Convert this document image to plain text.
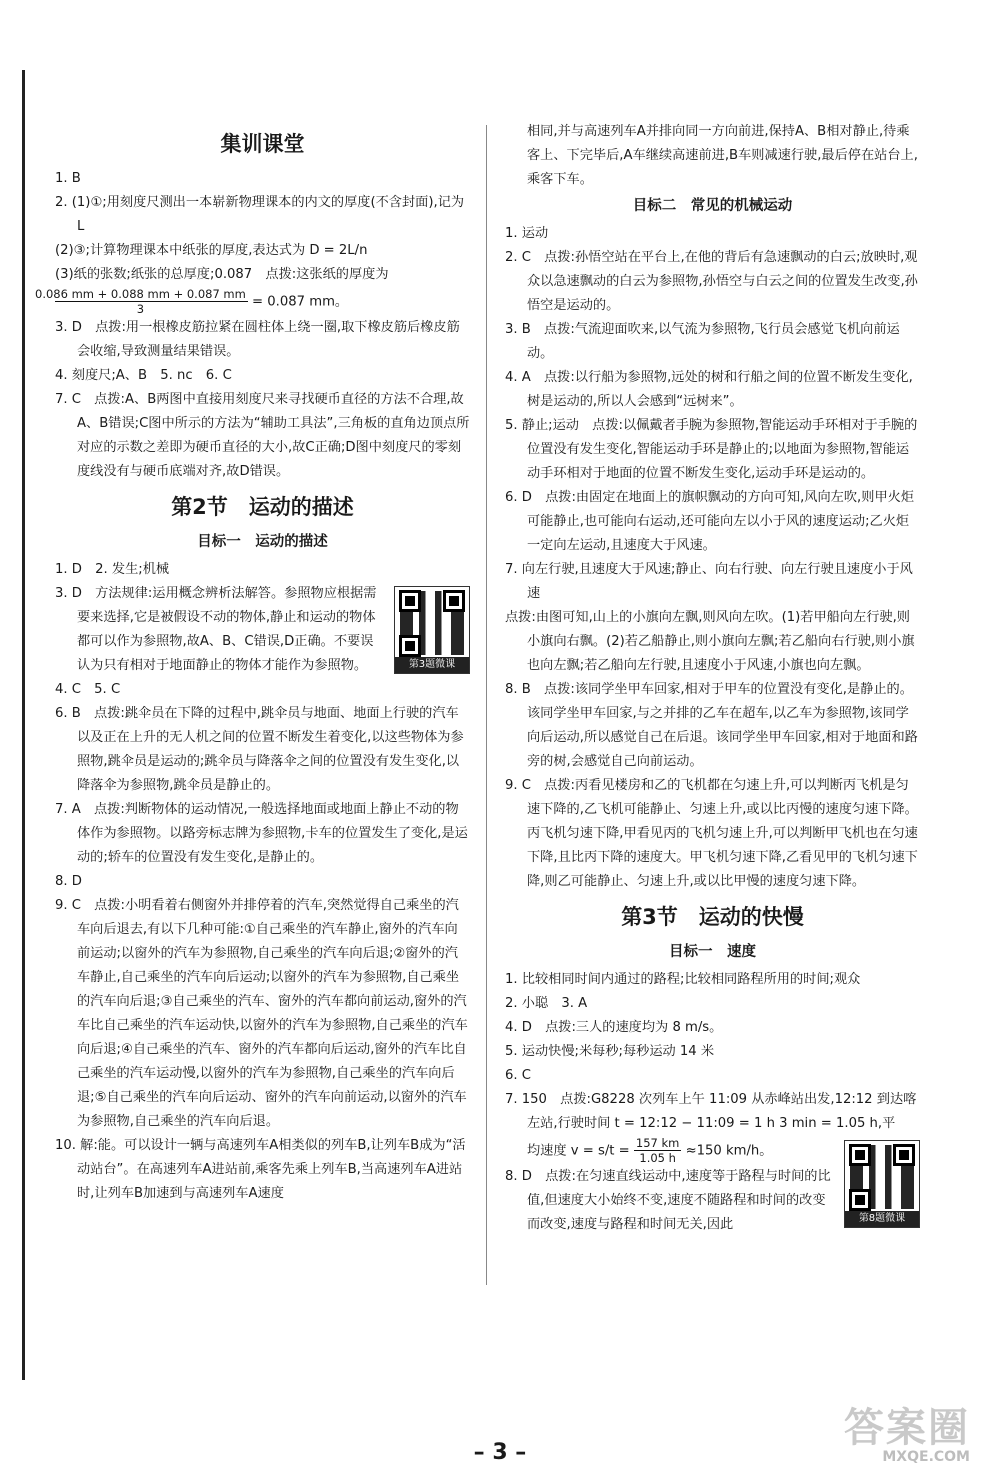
集训课堂

1. B

2. (1)①;用刻度尺测出一本崭新物理课本的内文的厚度(不含封面),记为 L

(2)③;计算物理课本中纸张的厚度,表达式为 D = 2L/n

(3)纸的张数;纸张的总厚度;0.087　点拨:这张纸的厚度为

$\frac{0.086 mm + 0.088 mm + 0.087 mm}{3} = 0.087$ mm。

3. D　点拨:用一根橡皮筋拉紧在圆柱体上绕一圈,取下橡皮筋后橡皮筋会收缩,导致测量结果错误。

4. 刻度尺;A、B　5. nc　6. C

7. C　点拨:A、B两图中直接用刻度尺来寻找硬币直径的方法不合理,故A、B错误;C图中所示的方法为“辅助工具法”,三角板的直角边顶点所对应的示数之差即为硬币直径的大小,故C正确;D图中刻度尺的零刻度线没有与硬币底端对齐,故D错误。

第2节　运动的描述
目标一　运动的描述

1. D　2. 发生;机械

第3题微课

3. D　方法规律:运用概念辨析法解答。参照物应根据需要来选择,它是被假设不动的物体,静止和运动的物体都可以作为参照物,故A、B、C错误,D正确。不要误认为只有相对于地面静止的物体才能作为参照物。

4. C　5. C

6. B　点拨:跳伞员在下降的过程中,跳伞员与地面、地面上行驶的汽车以及正在上升的无人机之间的位置不断发生着变化,以这些物体为参照物,跳伞员是运动的;跳伞员与降落伞之间的位置没有发生变化,以降落伞为参照物,跳伞员是静止的。

7. A　点拨:判断物体的运动情况,一般选择地面或地面上静止不动的物体作为参照物。以路旁标志牌为参照物,卡车的位置发生了变化,是运动的;轿车的位置没有发生变化,是静止的。

8. D

9. C　点拨:小明看着右侧窗外并排停着的汽车,突然觉得自己乘坐的汽车向后退去,有以下几种可能:①自己乘坐的汽车静止,窗外的汽车向前运动;以窗外的汽车为参照物,自己乘坐的汽车向后退;②窗外的汽车静止,自己乘坐的汽车向后运动;以窗外的汽车为参照物,自己乘坐的汽车向后退;③自己乘坐的汽车、窗外的汽车都向前运动,窗外的汽车比自己乘坐的汽车运动快,以窗外的汽车为参照物,自己乘坐的汽车向后退;④自己乘坐的汽车、窗外的汽车都向后运动,窗外的汽车比自己乘坐的汽车运动慢,以窗外的汽车为参照物,自己乘坐的汽车向后退;⑤自己乘坐的汽车向后运动、窗外的汽车向前运动,以窗外的汽车为参照物,自己乘坐的汽车向后退。

10. 解:能。可以设计一辆与高速列车A相类似的列车B,让列车B成为“活动站台”。在高速列车A进站前,乘客先乘上列车B,当高速列车A进站时,让列车B加速到与高速列车A速度

相同,并与高速列车A并排向同一方向前进,保持A、B相对静止,待乘客上、下完毕后,A车继续高速前进,B车则减速行驶,最后停在站台上,乘客下车。

目标二　常见的机械运动

1. 运动

2. C　点拨:孙悟空站在平台上,在他的背后有急速飘动的白云;放映时,观众以急速飘动的白云为参照物,孙悟空与白云之间的位置发生改变,孙悟空是运动的。

3. B　点拨:气流迎面吹来,以气流为参照物,飞行员会感觉飞机向前运动。

4. A　点拨:以行船为参照物,远处的树和行船之间的位置不断发生变化,树是运动的,所以人会感到“远树来”。

5. 静止;运动　点拨:以佩戴者手腕为参照物,智能运动手环相对于手腕的位置没有发生变化,智能运动手环是静止的;以地面为参照物,智能运动手环相对于地面的位置不断发生变化,运动手环是运动的。

6. D　点拨:由固定在地面上的旗帜飘动的方向可知,风向左吹,则甲火炬可能静止,也可能向右运动,还可能向左以小于风的速度运动;乙火炬一定向左运动,且速度大于风速。

7. 向左行驶,且速度大于风速;静止、向右行驶、向左行驶且速度小于风速

点拨:由图可知,山上的小旗向左飘,则风向左吹。(1)若甲船向左行驶,则小旗向右飘。(2)若乙船静止,则小旗向左飘;若乙船向右行驶,则小旗也向左飘;若乙船向左行驶,且速度小于风速,小旗也向左飘。

8. B　点拨:该同学坐甲车回家,相对于甲车的位置没有变化,是静止的。该同学坐甲车回家,与之并排的乙车在超车,以乙车为参照物,该同学向后运动,所以感觉自己在后退。该同学坐甲车回家,相对于地面和路旁的树,会感觉自己向前运动。

9. C　点拨:丙看见楼房和乙的飞机都在匀速上升,可以判断丙飞机是匀速下降的,乙飞机可能静止、匀速上升,或以比丙慢的速度匀速下降。丙飞机匀速下降,甲看见丙的飞机匀速上升,可以判断甲飞机也在匀速下降,且比丙下降的速度大。甲飞机匀速下降,乙看见甲的飞机匀速下降,则乙可能静止、匀速上升,或以比甲慢的速度匀速下降。

第3节　运动的快慢
目标一　速度

1. 比较相同时间内通过的路程;比较相同路程所用的时间;观众

2. 小聪　3. A

4. D　点拨:三人的速度均为 8 m/s。

5. 运动快慢;米每秒;每秒运动 14 米

6. C

7. 150　点拨:G8228 次列车上午 11:09 从赤峰站出发,12:12 到达喀左站,行驶时间 t = 12:12 − 11:09 = 1 h 3 min = 1.05 h,平

第8题微课

均速度 $v = s/t = \frac{157 km}{1.05 h} \approx 150$ km/h。

8. D　点拨:在匀速直线运动中,速度等于路程与时间的比值,但速度大小始终不变,速度不随路程和时间的改变而改变,速度与路程和时间无关,因此

– 3 –
答案圈
MXQE.COM
